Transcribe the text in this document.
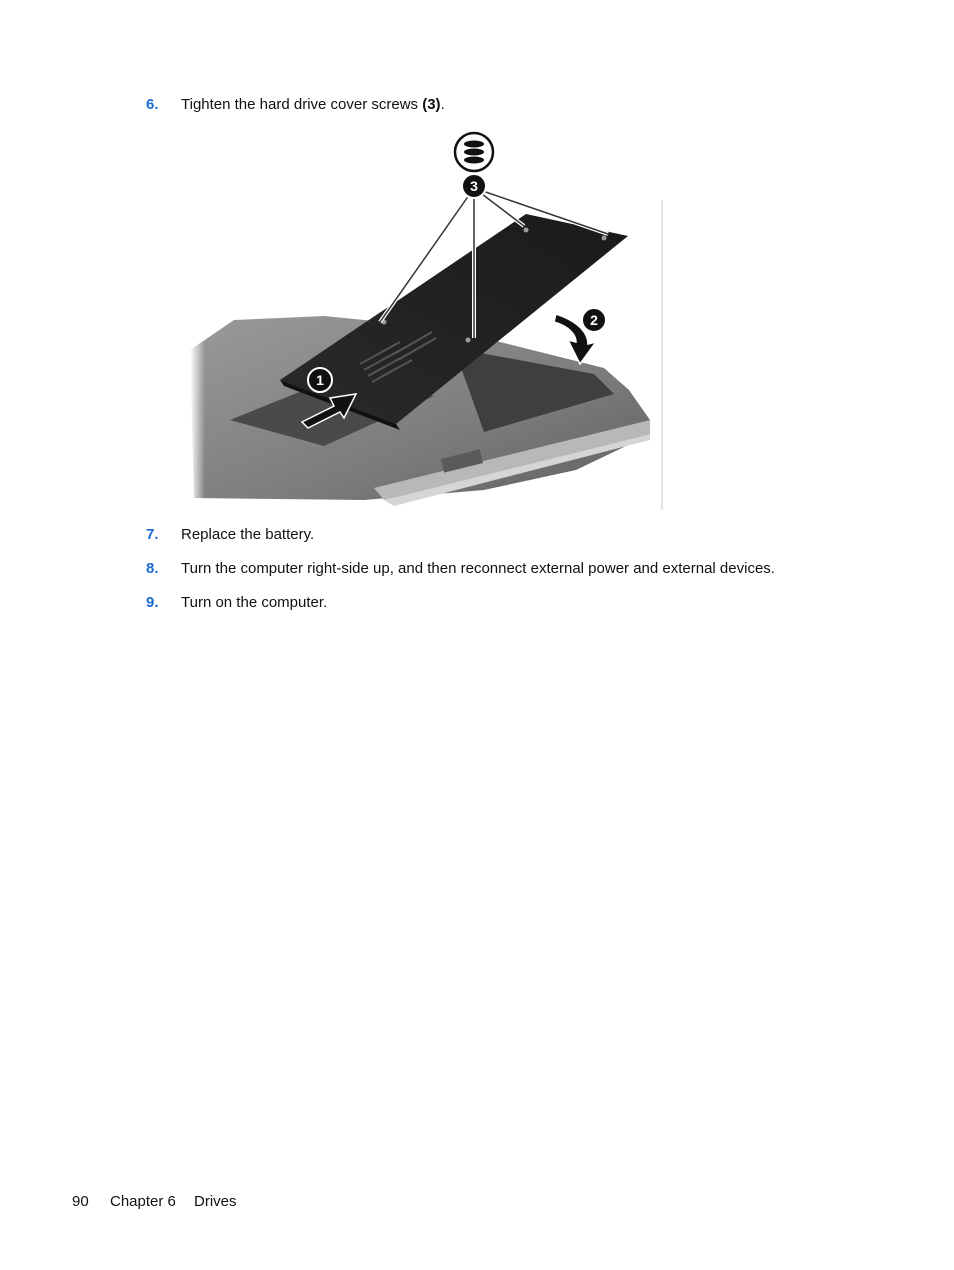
6.	Tighten the hard drive cover screws (3).
3
2
1
7.	Replace the battery.
8.	Turn the computer right-side up, and then reconnect external power and external devices.
9.	Turn on the computer.
90 Chapter 6 Drives
